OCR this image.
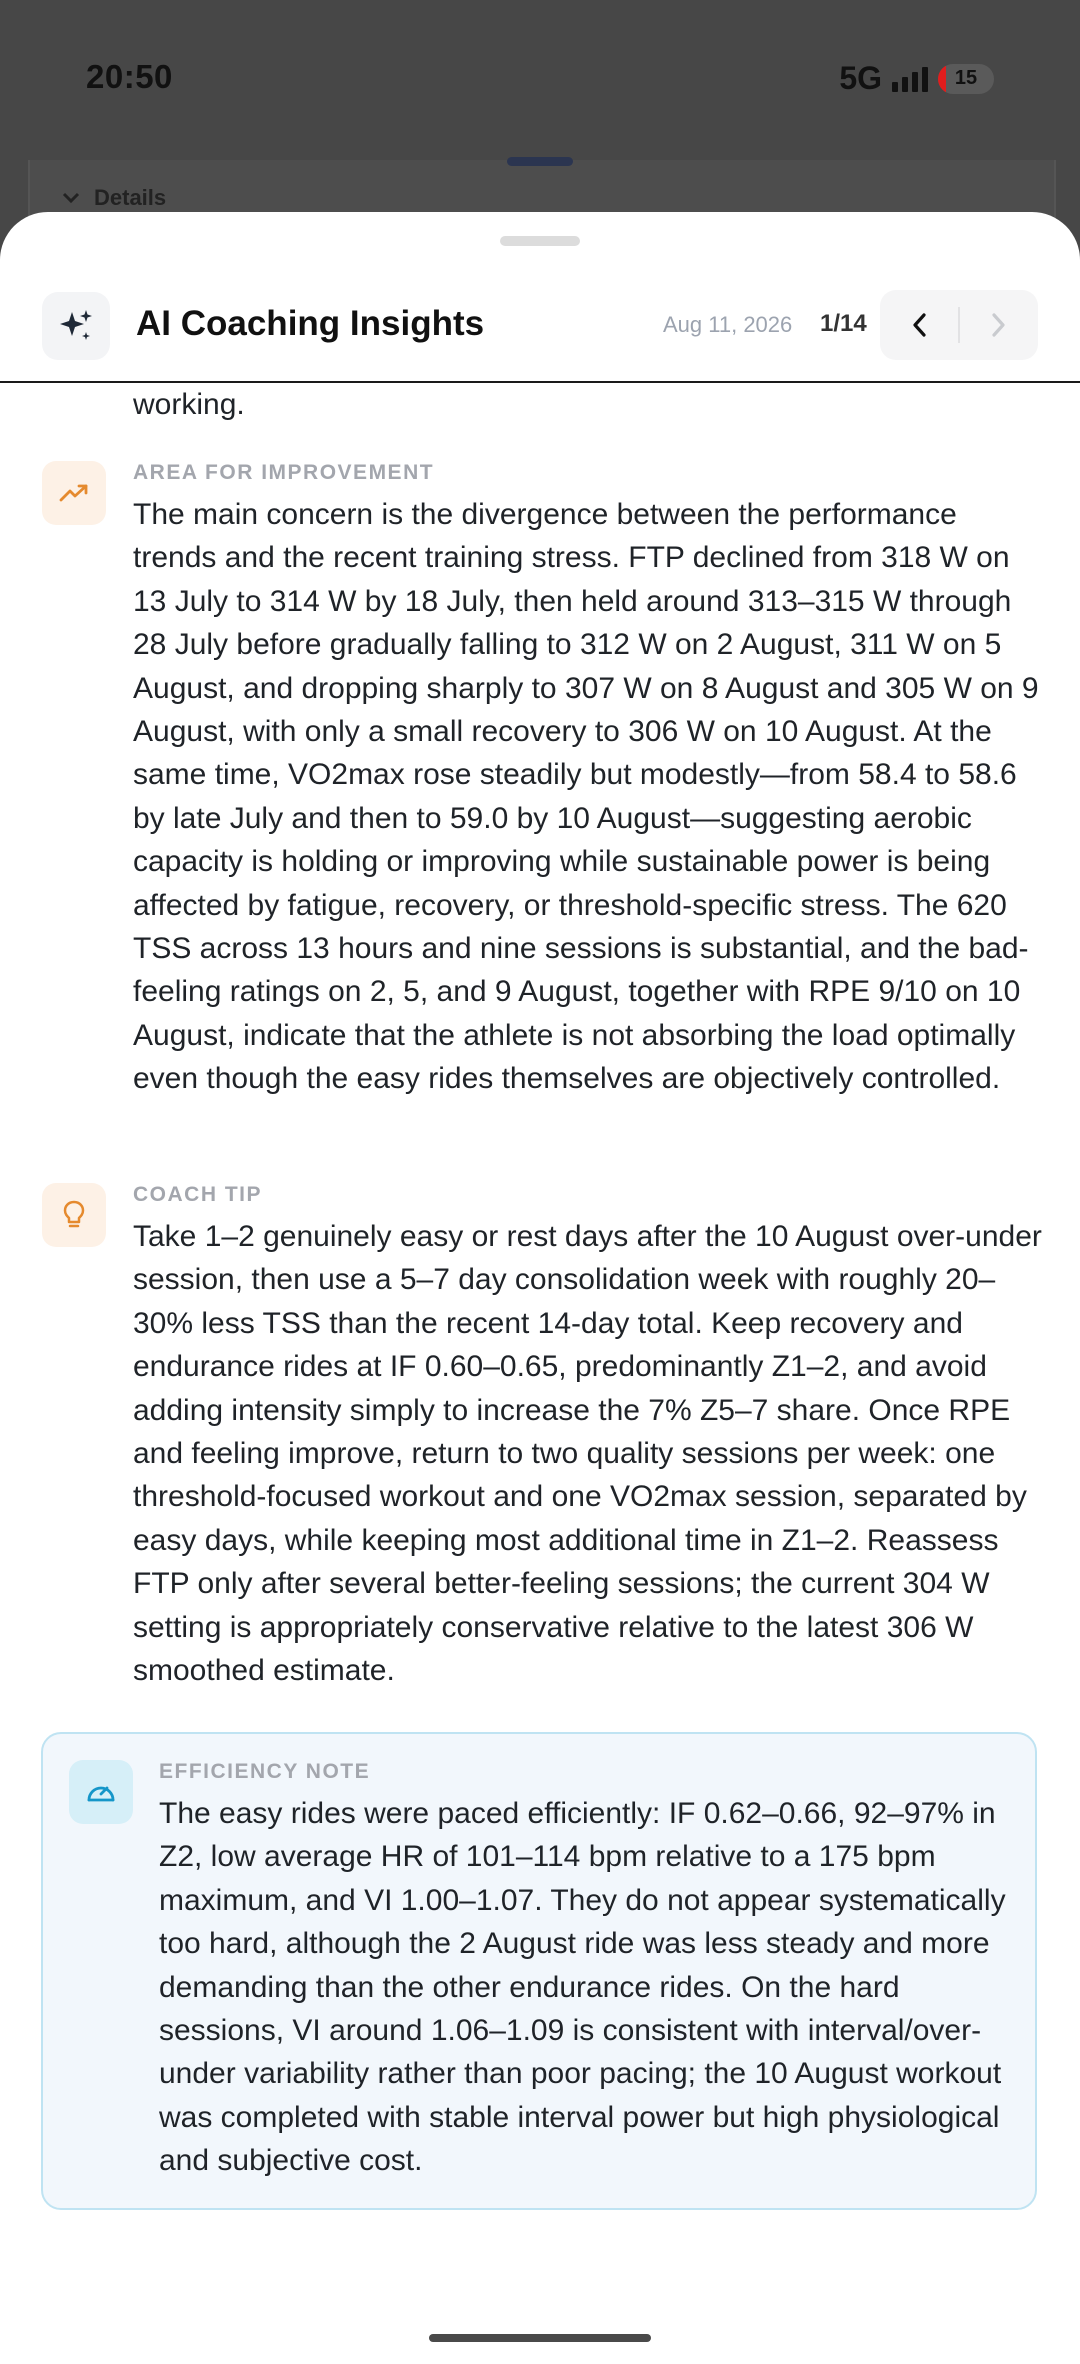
20:50	5G	15
Details
AI Coaching Insights	Aug 11, 2026 1/14
working.
AREA FOR IMPROVEMENT
The main concern is the divergence between the performance trends and the recent training stress. FTP declined from 318 W on 13 July to 314 W by 18 July, then held around 313–315 W through 28 July before gradually falling to 312 W on 2 August, 311 W on 5 August, and dropping sharply to 307 W on 8 August and 305 W on 9 August, with only a small recovery to 306 W on 10 August. At the same time, VO2max rose steadily but modestly—from 58.4 to 58.6 by late July and then to 59.0 by 10 August—suggesting aerobic capacity is holding or improving while sustainable power is being affected by fatigue, recovery, or threshold-specific stress. The 620 TSS across 13 hours and nine sessions is substantial, and the bad-feeling ratings on 2, 5, and 9 August, together with RPE 9/10 on 10 August, indicate that the athlete is not absorbing the load optimally even though the easy rides themselves are objectively controlled.
COACH TIP
Take 1–2 genuinely easy or rest days after the 10 August over-under session, then use a 5–7 day consolidation week with roughly 20–30% less TSS than the recent 14-day total. Keep recovery and endurance rides at IF 0.60–0.65, predominantly Z1–2, and avoid adding intensity simply to increase the 7% Z5–7 share. Once RPE and feeling improve, return to two quality sessions per week: one threshold-focused workout and one VO2max session, separated by easy days, while keeping most additional time in Z1–2. Reassess FTP only after several better-feeling sessions; the current 304 W setting is appropriately conservative relative to the latest 306 W smoothed estimate.
EFFICIENCY NOTE
The easy rides were paced efficiently: IF 0.62–0.66, 92–97% in Z2, low average HR of 101–114 bpm relative to a 175 bpm maximum, and VI 1.00–1.07. They do not appear systematically too hard, although the 2 August ride was less steady and more demanding than the other endurance rides. On the hard sessions, VI around 1.06–1.09 is consistent with interval/over-under variability rather than poor pacing; the 10 August workout was completed with stable interval power but high physiological and subjective cost.
